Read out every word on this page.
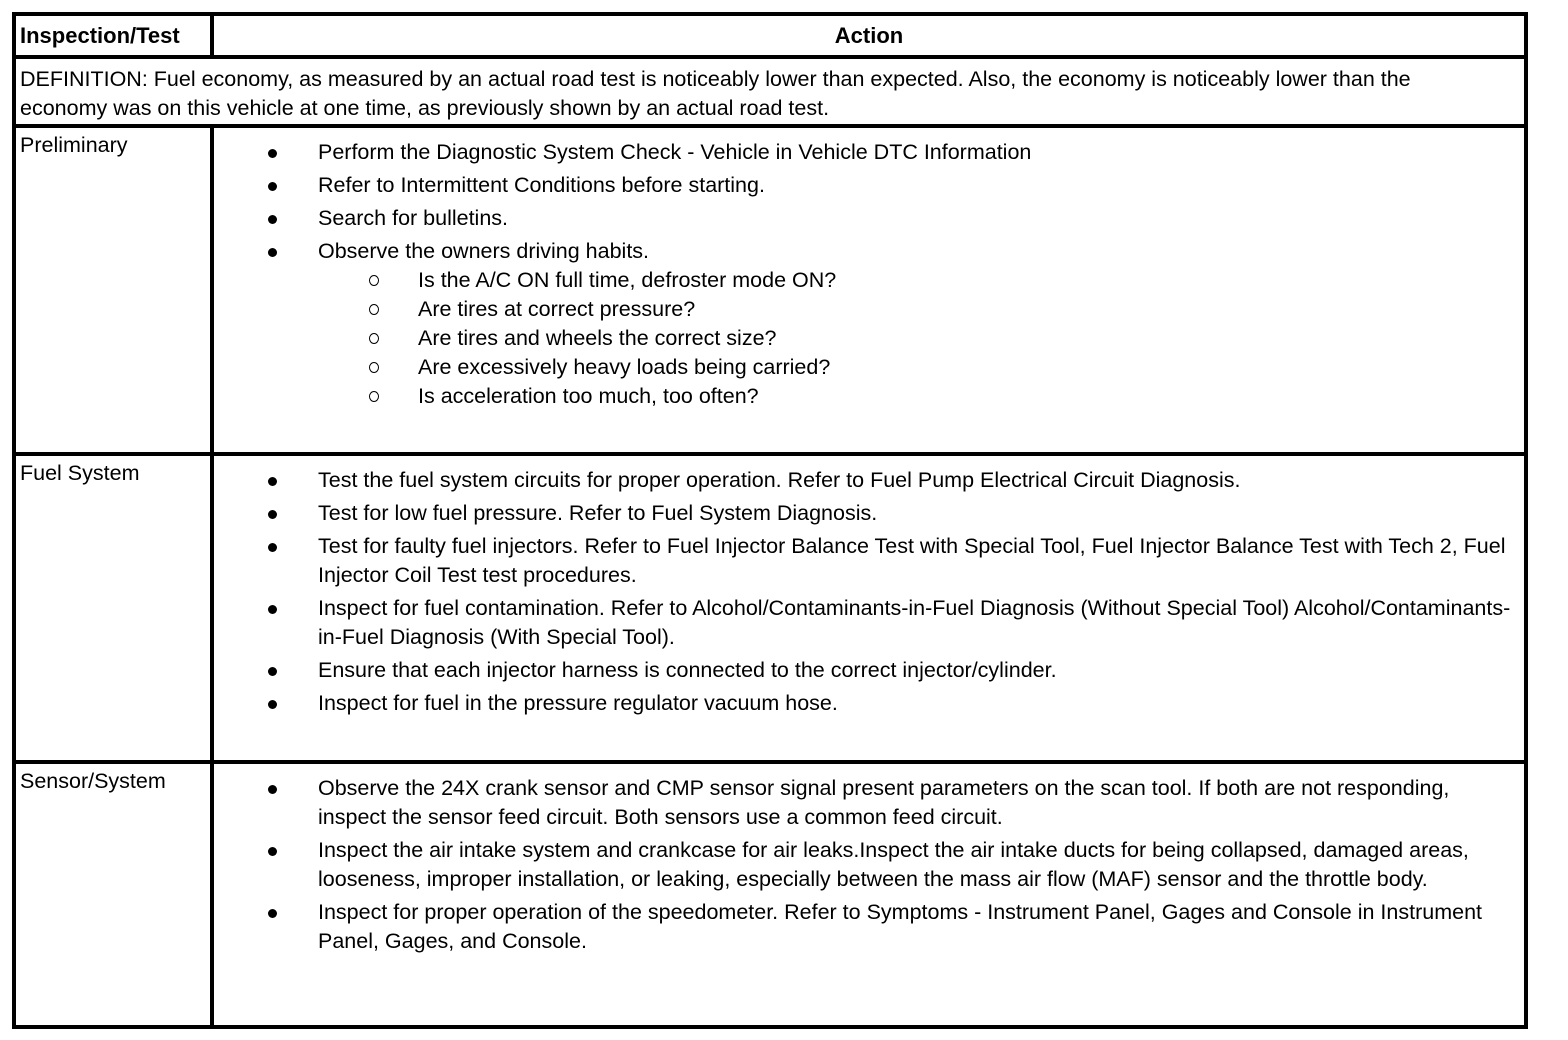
Inspection/Test	Action
DEFINITION: Fuel economy, as measured by an actual road test is noticeably lower than expected. Also, the economy is noticeably lower than the economy was on this vehicle at one time, as previously shown by an actual road test.
Preliminary	Perform the Diagnostic System Check - Vehicle in Vehicle DTC Information
Refer to Intermittent Conditions before starting.
Search for bulletins.
Observe the owners driving habits.
Is the A/C ON full time, defroster mode ON?
Are tires at correct pressure?
Are tires and wheels the correct size?
Are excessively heavy loads being carried?
Is acceleration too much, too often?
Fuel System	Test the fuel system circuits for proper operation. Refer to Fuel Pump Electrical Circuit Diagnosis.
Test for low fuel pressure. Refer to Fuel System Diagnosis.
Test for faulty fuel injectors. Refer to Fuel Injector Balance Test with Special Tool, Fuel Injector Balance Test with Tech 2, Fuel Injector Coil Test test procedures.
Inspect for fuel contamination. Refer to Alcohol/Contaminants-in-Fuel Diagnosis (Without Special Tool) Alcohol/Contaminants-in-Fuel Diagnosis (With Special Tool).
Ensure that each injector harness is connected to the correct injector/cylinder.
Inspect for fuel in the pressure regulator vacuum hose.
Sensor/System	Observe the 24X crank sensor and CMP sensor signal present parameters on the scan tool. If both are not responding, inspect the sensor feed circuit. Both sensors use a common feed circuit.
Inspect the air intake system and crankcase for air leaks.Inspect the air intake ducts for being collapsed, damaged areas, looseness, improper installation, or leaking, especially between the mass air flow (MAF) sensor and the throttle body.
Inspect for proper operation of the speedometer. Refer to Symptoms - Instrument Panel, Gages and Console in Instrument Panel, Gages, and Console.
